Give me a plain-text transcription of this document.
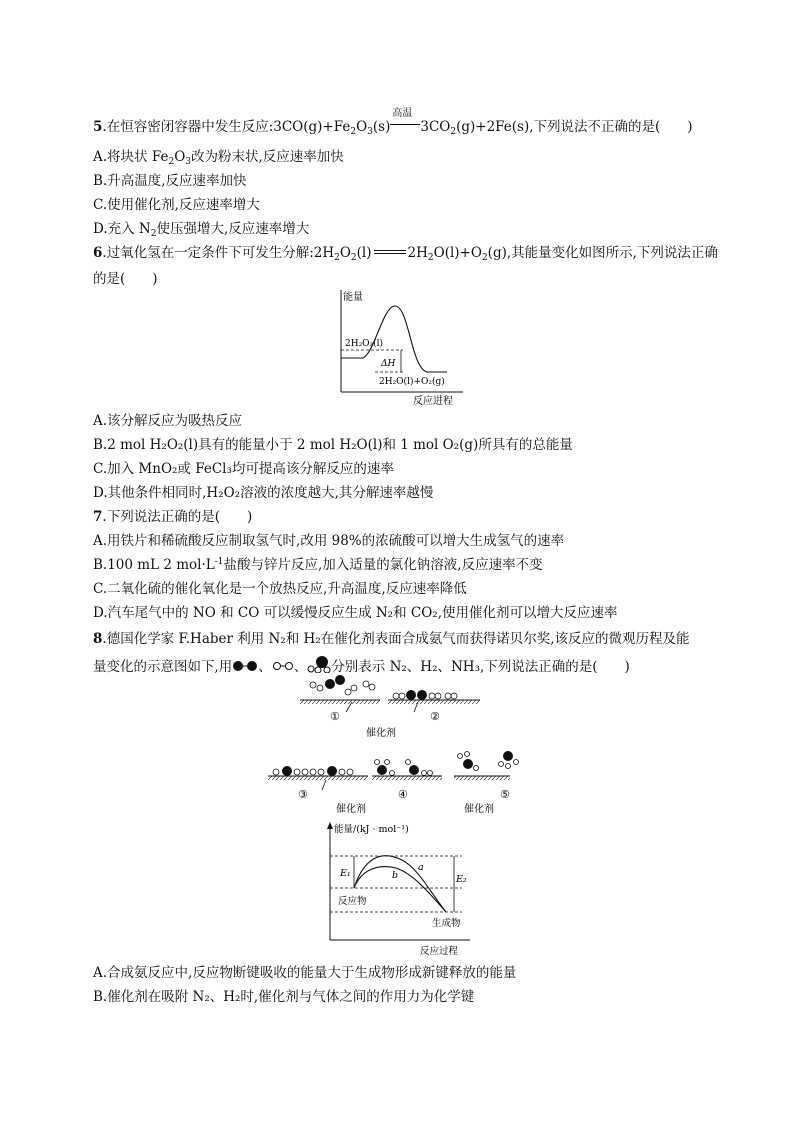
5.在恒容密闭容器中发生反应$:3CO(g)+Fe_2O_3(s)$
高温
$3CO_2(g)+2Fe(s)$,下列说法不正确的是(　　)
A.将块状 $Fe_2O_3$改为粉末状,反应速率加快
B.升高温度,反应速率加快
C.使用催化剂,反应速率增大
D.充入 $N_2$使压强增大,反应速率增大
6.过氧化氢在一定条件下可发生分解$:2H_2O_2(l)$	$2H_2O(l)+O_2(g)$,其能量变化如图所示,下列说法正确
的是(　　)
能量
2H₂O₂(l)
ΔH
2H₂O(l)+O₂(g)
反应进程
A.该分解反应为吸热反应
B.2 mol H₂O₂(l)具有的能量小于 2 mol H₂O(l)和 1 mol O₂(g)所具有的总能量
C.加入 MnO₂或 FeCl₃均可提高该分解反应的速率
D.其他条件相同时,H₂O₂溶液的浓度越大,其分解速率越慢
7.下列说法正确的是(　　)
A.用铁片和稀硫酸反应制取氢气时,改用 98%的浓硫酸可以增大生成氢气的速率
B.100 mL 2 $mol\cdot L^{-1}$盐酸与锌片反应,加入适量的氯化钠溶液,反应速率不变
C.二氧化硫的催化氧化是一个放热反应,升高温度,反应速率降低
D.汽车尾气中的 NO 和 CO 可以缓慢反应生成 N₂和 CO₂,使用催化剂可以增大反应速率
8.德国化学家 F.Haber 利用 N₂和 H₂在催化剂表面合成氨气而获得诺贝尔奖,该反应的微观历程及能
量变化的示意图如下,用 、 、 分别表示 N₂、H₂、NH₃,下列说法正确的是(　　)
①	②
催化剂
③
催化剂
④	⑤
催化剂
能量/(kJ · mol⁻¹)
E₁
E₂
a
b
反应物
生成物
反应过程
A.合成氨反应中,反应物断键吸收的能量大于生成物形成新键释放的能量
B.催化剂在吸附 N₂、H₂时,催化剂与气体之间的作用力为化学键
